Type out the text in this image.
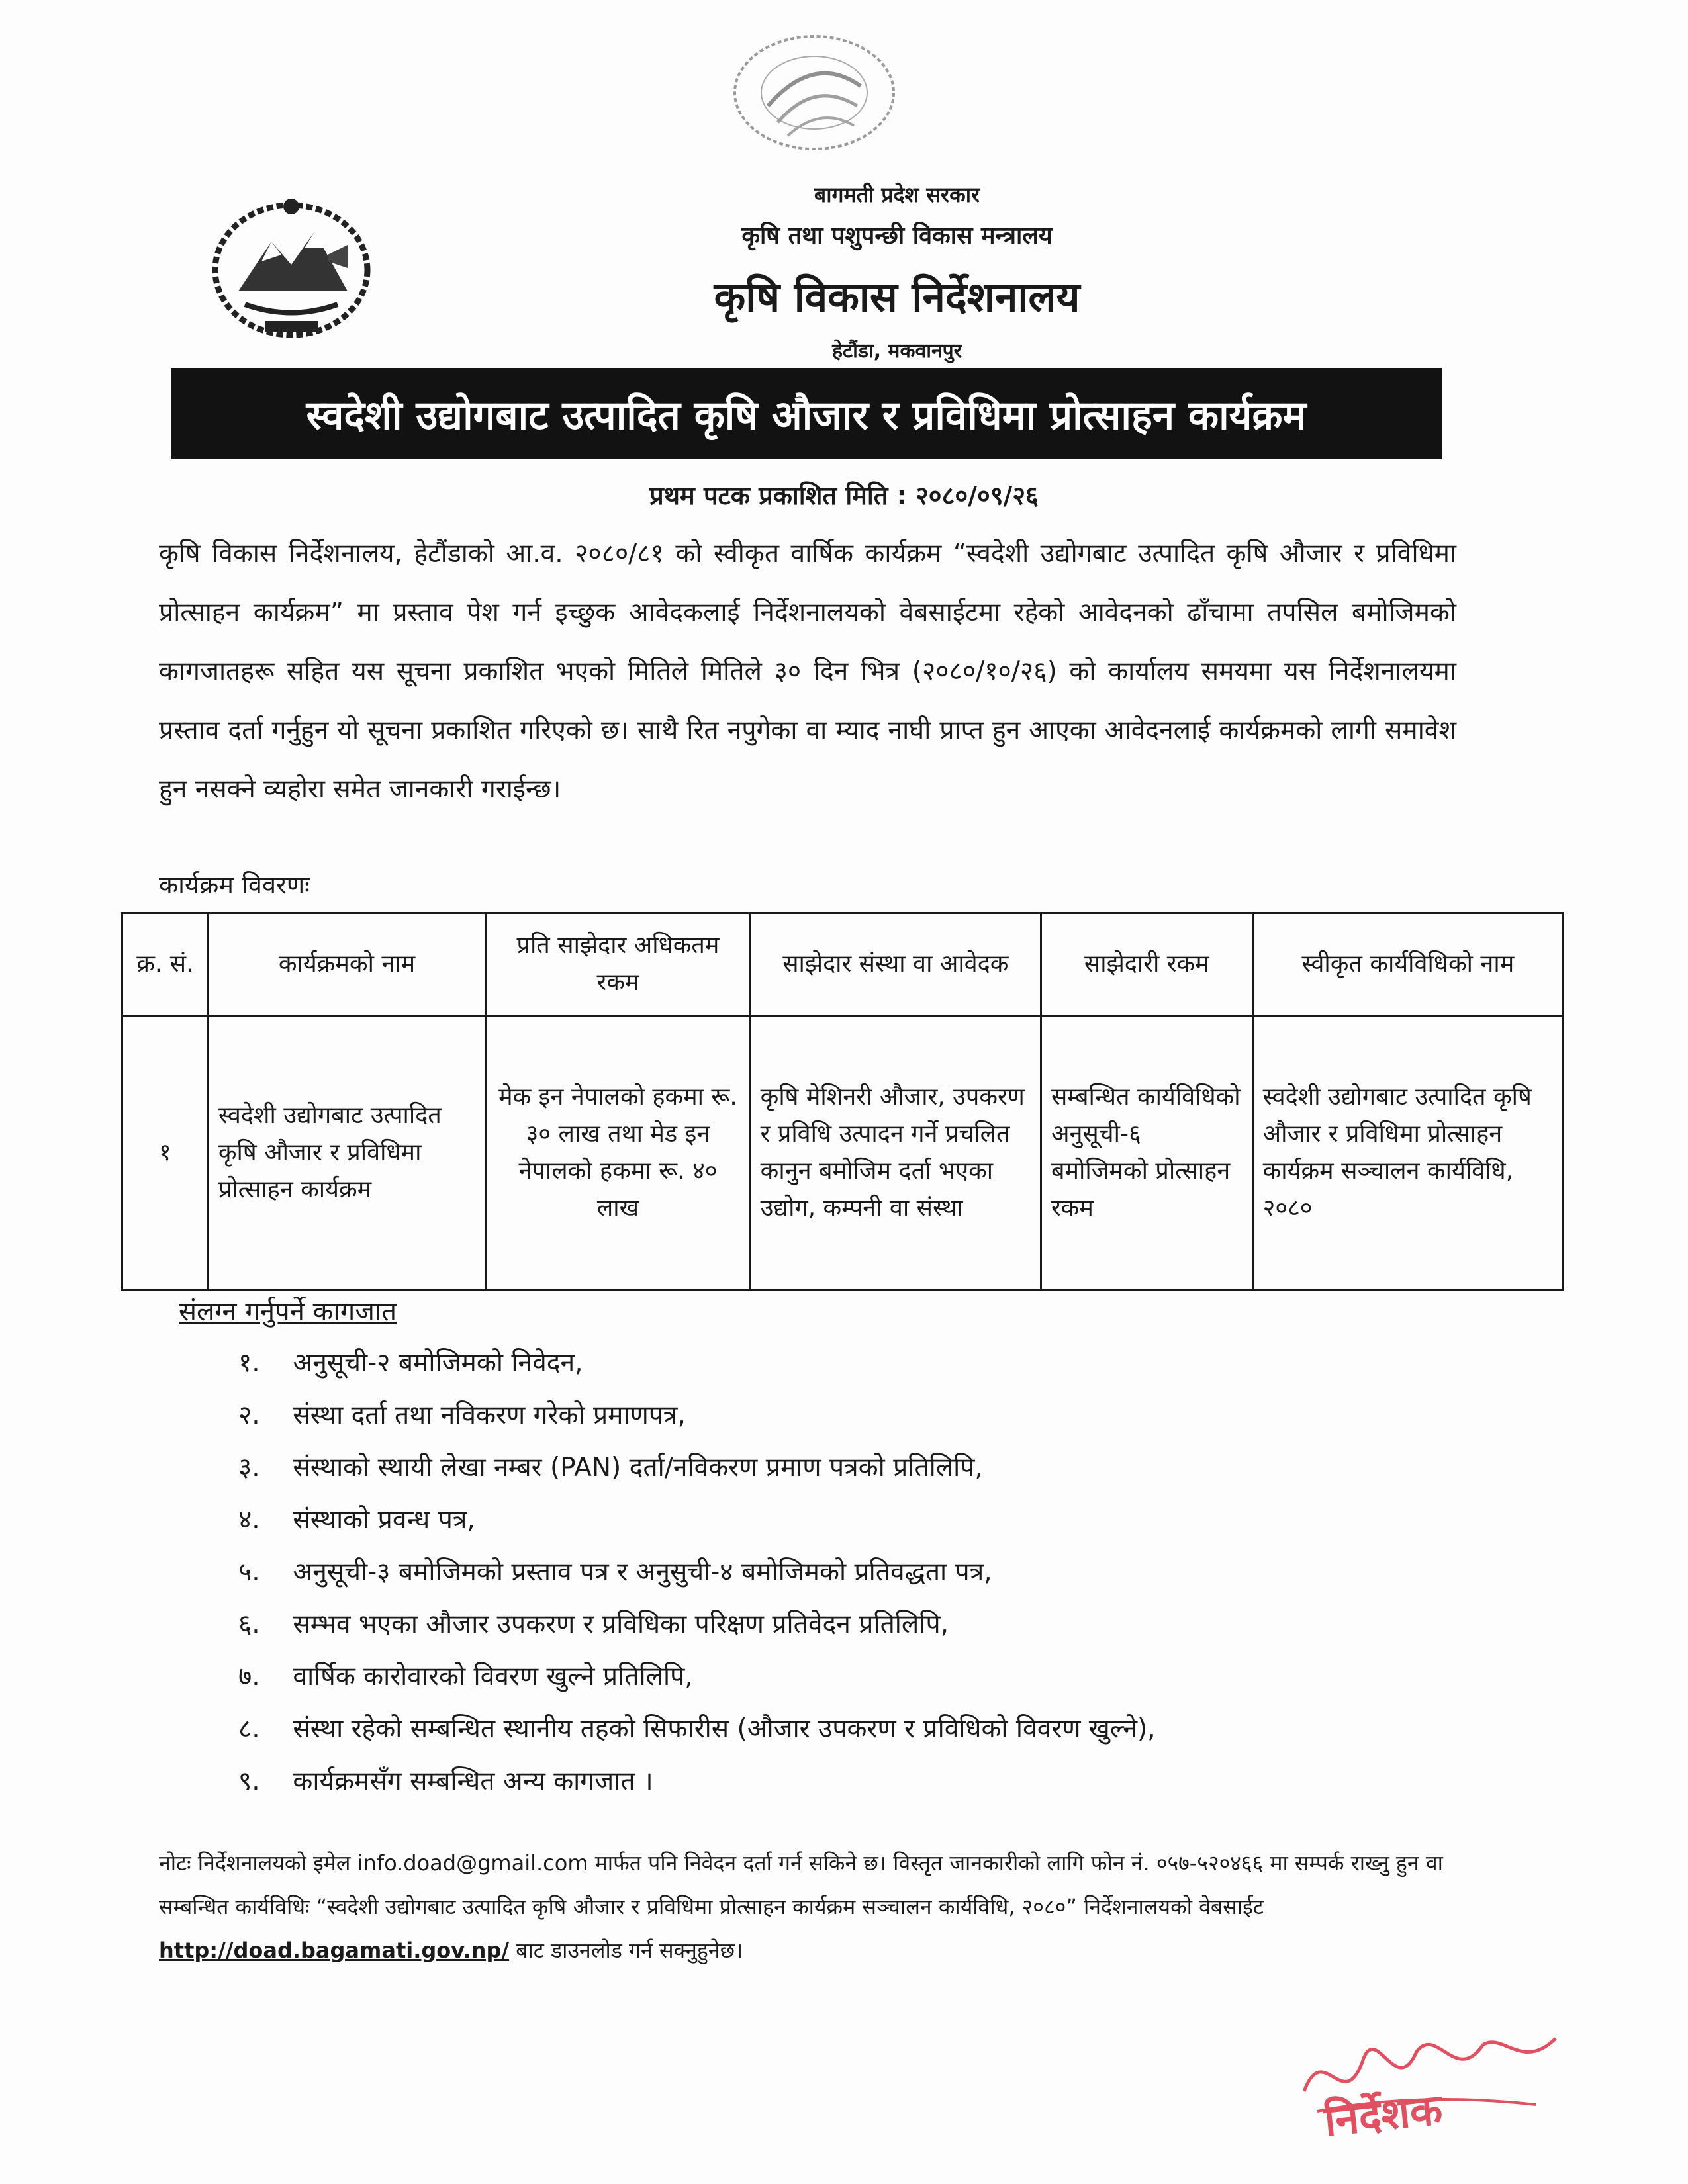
बागमती प्रदेश सरकार
कृषि तथा पशुपन्छी विकास मन्त्रालय
कृषि विकास निर्देशनालय
हेटौंडा, मकवानपुर
स्वदेशी उद्योगबाट उत्पादित कृषि औजार र प्रविधिमा प्रोत्साहन कार्यक्रम
प्रथम पटक प्रकाशित मिति : २०८०/०९/२६
कृषि विकास निर्देशनालय, हेटौंडाको आ.व. २०८०/८१ को स्वीकृत वार्षिक कार्यक्रम “स्वदेशी उद्योगबाट उत्पादित कृषि औजार र प्रविधिमा प्रोत्साहन कार्यक्रम” मा प्रस्ताव पेश गर्न इच्छुक आवेदकलाई निर्देशनालयको वेबसाईटमा रहेको आवेदनको ढाँचामा तपसिल बमोजिमको कागजातहरू सहित यस सूचना प्रकाशित भएको मितिले मितिले ३० दिन भित्र (२०८०/१०/२६) को कार्यालय समयमा यस निर्देशनालयमा प्रस्ताव दर्ता गर्नुहुन यो सूचना प्रकाशित गरिएको छ। साथै रित नपुगेका वा म्याद नाघी प्राप्त हुन आएका आवेदनलाई कार्यक्रमको लागी समावेश हुन नसक्ने व्यहोरा समेत जानकारी गराईन्छ।
कार्यक्रम विवरणः
क्र. सं.	कार्यक्रमको नाम	प्रति साझेदार अधिकतम रकम	साझेदार संस्था वा आवेदक	साझेदारी रकम	स्वीकृत कार्यविधिको नाम
१	स्वदेशी उद्योगबाट उत्पादित कृषि औजार र प्रविधिमा प्रोत्साहन कार्यक्रम	मेक इन नेपालको हकमा रू. ३० लाख तथा मेड इन नेपालको हकमा रू. ४० लाख	कृषि मेशिनरी औजार, उपकरण र प्रविधि उत्पादन गर्ने प्रचलित कानुन बमोजिम दर्ता भएका उद्योग, कम्पनी वा संस्था	सम्बन्धित कार्यविधिको अनुसूची-६ बमोजिमको प्रोत्साहन रकम	स्वदेशी उद्योगबाट उत्पादित कृषि औजार र प्रविधिमा प्रोत्साहन कार्यक्रम सञ्चालन कार्यविधि, २०८०
संलग्न गर्नुपर्ने कागजात
१. अनुसूची-२ बमोजिमको निवेदन,
२. संस्था दर्ता तथा नविकरण गरेको प्रमाणपत्र,
३. संस्थाको स्थायी लेखा नम्बर (PAN) दर्ता/नविकरण प्रमाण पत्रको प्रतिलिपि,
४. संस्थाको प्रवन्ध पत्र,
५. अनुसूची-३ बमोजिमको प्रस्ताव पत्र र अनुसुची-४ बमोजिमको प्रतिवद्धता पत्र,
६. सम्भव भएका औजार उपकरण र प्रविधिका परिक्षण प्रतिवेदन प्रतिलिपि,
७. वार्षिक कारोवारको विवरण खुल्ने प्रतिलिपि,
८. संस्था रहेको सम्बन्धित स्थानीय तहको सिफारीस (औजार उपकरण र प्रविधिको विवरण खुल्ने),
९. कार्यक्रमसँग सम्बन्धित अन्य कागजात ।
नोटः निर्देशनालयको इमेल info.doad@gmail.com मार्फत पनि निवेदन दर्ता गर्न सकिने छ। विस्तृत जानकारीको लागि फोन नं. ०५७-५२०४६६ मा सम्पर्क राख्नु हुन वा सम्बन्धित कार्यविधिः “स्वदेशी उद्योगबाट उत्पादित कृषि औजार र प्रविधिमा प्रोत्साहन कार्यक्रम सञ्चालन कार्यविधि, २०८०” निर्देशनालयको वेबसाईट http://doad.bagamati.gov.np/ बाट डाउनलोड गर्न सक्नुहुनेछ।
निर्देशक
